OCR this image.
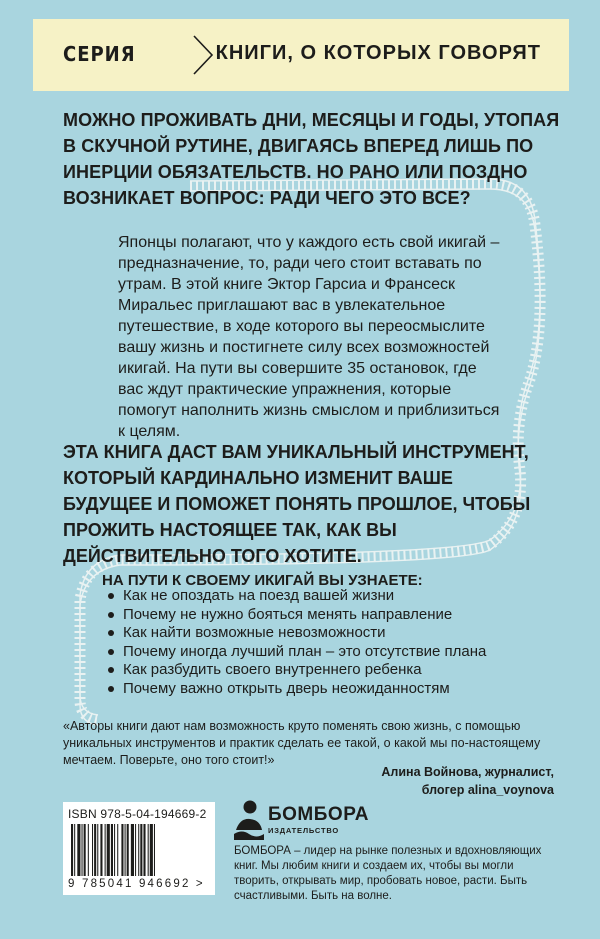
СЕРИЯ	КНИГИ, О КОТОРЫХ ГОВОРЯТ
МОЖНО ПРОЖИВАТЬ ДНИ, МЕСЯЦЫ И ГОДЫ, УТОПАЯ В СКУЧНОЙ РУТИНЕ, ДВИГАЯСЬ ВПЕРЕД ЛИШЬ ПО ИНЕРЦИИ ОБЯЗАТЕЛЬСТВ. НО РАНО ИЛИ ПОЗДНО ВОЗНИКАЕТ ВОПРОС: РАДИ ЧЕГО ЭТО ВСЕ?
Японцы полагают, что у каждого есть свой икигай – предназначение, то, ради чего стоит вставать по утрам. В этой книге Эктор Гарсиа и Франсеск Миральес приглашают вас в увлекательное путешествие, в ходе которого вы переосмыслите вашу жизнь и постигнете силу всех возможностей икигай. На пути вы совершите 35 остановок, где вас ждут практические упражнения, которые помогут наполнить жизнь смыслом и приблизиться к целям.
ЭТА КНИГА ДАСТ ВАМ УНИКАЛЬНЫЙ ИНСТРУМЕНТ, КОТОРЫЙ КАРДИНАЛЬНО ИЗМЕНИТ ВАШЕ БУДУЩЕЕ И ПОМОЖЕТ ПОНЯТЬ ПРОШЛОЕ, ЧТОБЫ ПРОЖИТЬ НАСТОЯЩЕЕ ТАК, КАК ВЫ ДЕЙСТВИТЕЛЬНО ТОГО ХОТИТЕ.
НА ПУТИ К СВОЕМУ ИКИГАЙ ВЫ УЗНАЕТЕ:
Как не опоздать на поезд вашей жизни
Почему не нужно бояться менять направление
Как найти возможные невозможности
Почему иногда лучший план – это отсутствие плана
Как разбудить своего внутреннего ребенка
Почему важно открыть дверь неожиданностям
«Авторы книги дают нам возможность круто поменять свою жизнь, с помощью уникальных инструментов и практик сделать ее такой, о какой мы по-настоящему мечтаем. Поверьте, оно того стоит!»
Алина Войнова, журналист,
блогер alina_voynova
ISBN 978-5-04-194669-2
9 785041 946692 >
БОМБОРА
ИЗДАТЕЛЬСТВО
БОМБОРА – лидер на рынке полезных и вдохновляющих книг. Мы любим книги и создаем их, чтобы вы могли творить, открывать мир, пробовать новое, расти. Быть счастливыми. Быть на волне.
